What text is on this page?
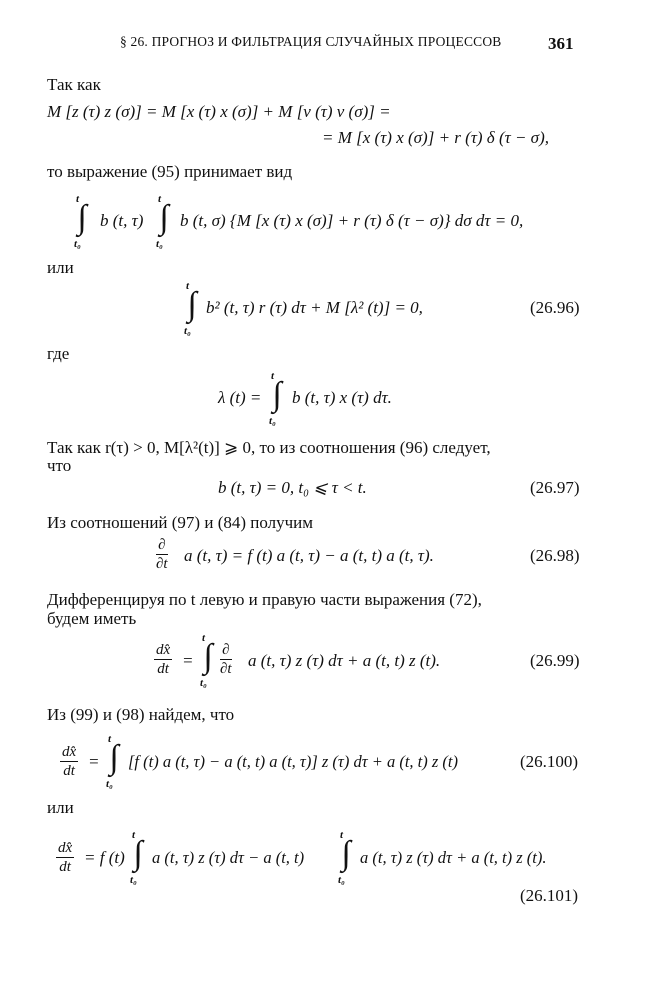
§ 26. ПРОГНОЗ И ФИЛЬТРАЦИЯ СЛУЧАЙНЫХ ПРОЦЕССОВ	361
Так как
M [z (τ) z (σ)] = M [x (τ) x (σ)] + M [v (τ) v (σ)] =
= M [x (τ) x (σ)] + r (τ) δ (τ − σ),
то выражение (95) принимает вид
t
∫
t₀
b (t, τ)
t
∫
t₀
b (t, σ) {M [x (τ) x (σ)] + r (τ) δ (τ − σ)} dσ dτ = 0,
или
t
∫
t₀
b² (t, τ) r (τ) dτ + M [λ² (t)] = 0,	(26.96)
где
λ (t) =
t
∫
t₀
b (t, τ) x (τ) dτ.
Так как r(τ) > 0, M[λ²(t)] ⩾ 0, то из соотношения (96) следует,
что
b (t, τ) = 0, t₀ ⩽ τ < t.	(26.97)
Из соотношений (97) и (84) получим
∂
∂t a (t, τ) = f (t) a (t, τ) − a (t, t) a (t, τ).	(26.98)
Дифференцируя по t левую и правую части выражения (72),
будем иметь
$\frac{dx̂}{dt}$ =
t
∫
t₀
∂
∂t a (t, τ) z (τ) dτ + a (t, t) z (t).	(26.99)
Из (99) и (98) найдем, что
$\frac{dx̂}{dt}$ =
t
∫
t₀
[f (t) a (t, τ) − a (t, t) a (t, τ)] z (τ) dτ + a (t, t) z (t)	(26.100)
или
$\frac{dx̂}{dt} = f$ (t)
t
∫
t₀
a (t, τ) z (τ) dτ − a (t, t)
t
∫
t₀
a (t, τ) z (τ) dτ + a (t, t) z (t).
(26.101)
